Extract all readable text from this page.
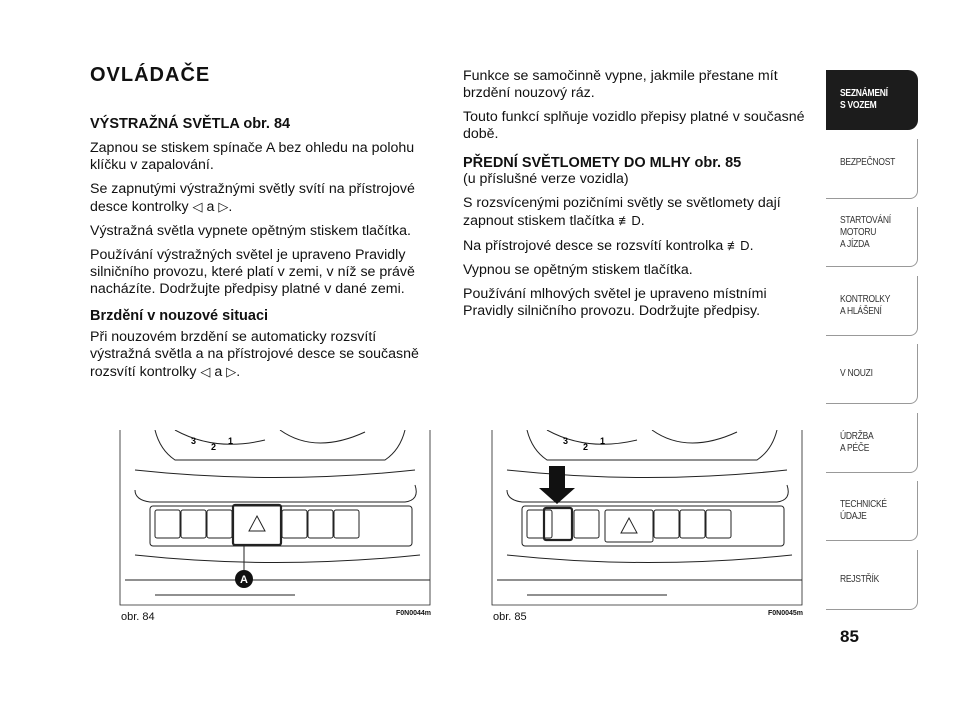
OVLÁDAČE

VÝSTRAŽNÁ SVĚTLA obr. 84

Zapnou se stiskem spínače A bez ohledu na polohu klíčku v zapalování.

Se zapnutými výstražnými světly svítí na přístrojové desce kontrolky ◁ a ▷.

Výstražná světla vypnete opětným stiskem tlačítka.

Používání výstražných světel je upraveno Pravidly silničního provozu, které platí v zemi, v níž se právě nacházíte. Dodržujte předpisy platné v dané zemi.

Brzdění v nouzové situaci

Při nouzovém brzdění se automaticky rozsvítí výstražná světla a na přístrojové desce se současně rozsvítí kontrolky ◁ a ▷.

Funkce se samočinně vypne, jakmile přestane mít brzdění nouzový ráz.

Touto funkcí splňuje vozidlo přepisy platné v současné době.

PŘEDNÍ SVĚTLOMETY DO MLHY obr. 85

(u příslušné verze vozidla)

S rozsvícenými pozičními světly se světlomety dají zapnout stiskem tlačítka ≢D.

Na přístrojové desce se rozsvítí kontrolka ≢D.

Vypnou se opětným stiskem tlačítka.

Používání mlhových světel je upraveno místními Pravidly silničního provozu. Dodržujte předpisy.

3
2
1
A
obr. 84	F0N0044m
3
2
1
obr. 85	F0N0045m
SEZNÁMENÍ
S VOZEM
BEZPEČNOST
STARTOVÁNÍ
MOTORU
A JÍZDA
KONTROLKY
A HLÁŠENÍ
V NOUZI
ÚDRŽBA
A PÉČE
TECHNICKÉ
ÚDAJE
REJSTŘÍK
85
